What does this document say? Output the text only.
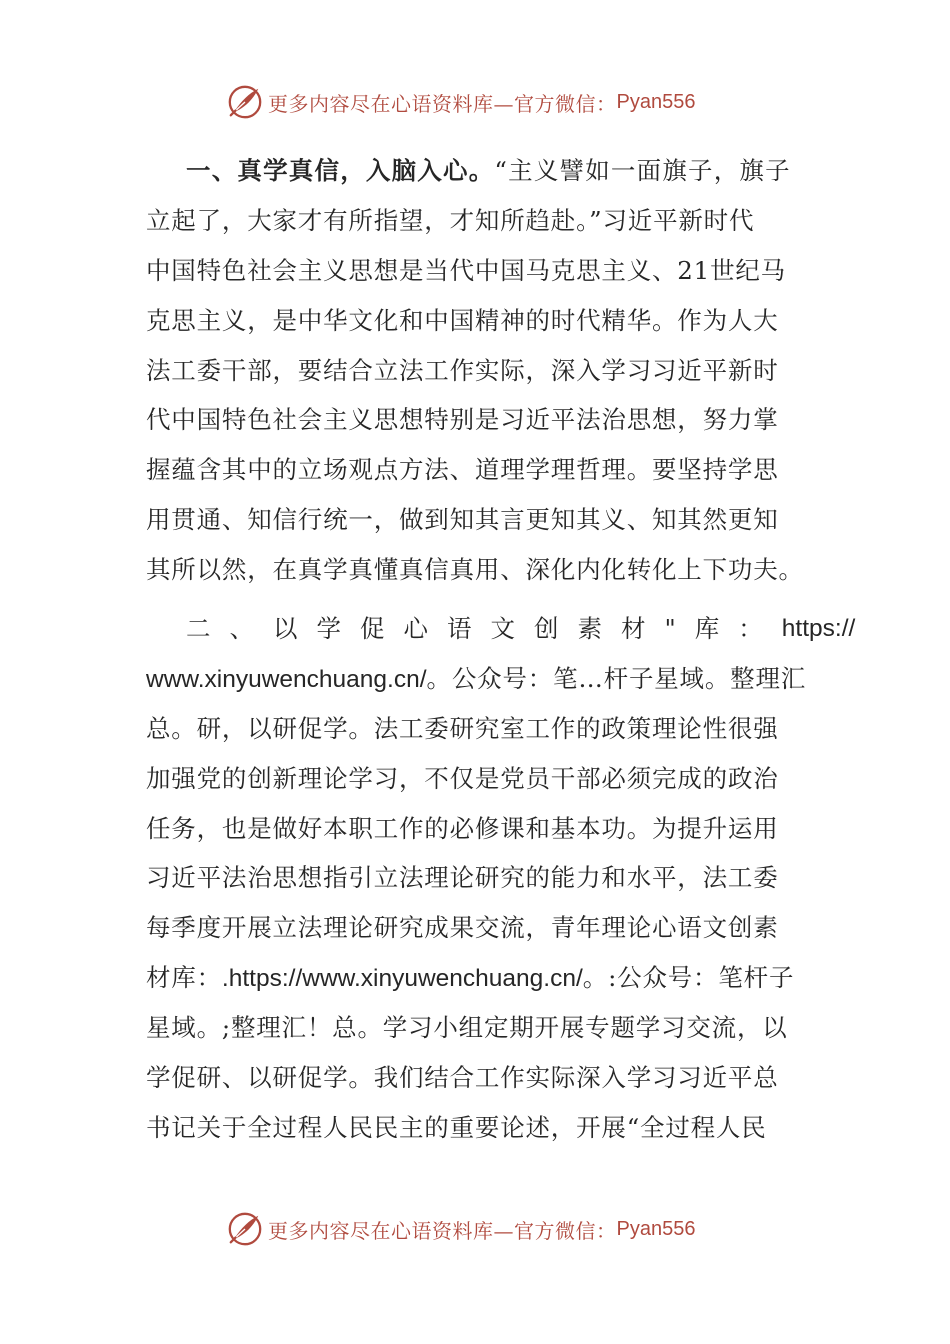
更多内容尽在心语资料库—官方微信： Pyan556
一、真学真信，入脑入心。“主义譬如一面旗子，旗子
立起了，大家才有所指望，才知所趋赴。”习近平新时代
中国特色社会主义思想是当代中国马克思主义、21世纪马
克思主义，是中华文化和中国精神的时代精华。作为人大
法工委干部，要结合立法工作实际，深入学习习近平新时
代中国特色社会主义思想特别是习近平法治思想，努力掌
握蕴含其中的立场观点方法、道理学理哲理。要坚持学思
用贯通、知信行统一，做到知其言更知其义、知其然更知
其所以然，在真学真懂真信真用、深化内化转化上下功夫。
二、以学促心语文创素材"库： https://
www.xinyuwenchuang.cn/。公众号：笔…杆子星域。整理汇
总。研，以研促学。法工委研究室工作的政策理论性很强
加强党的创新理论学习，不仅是党员干部必须完成的政治
任务，也是做好本职工作的必修课和基本功。为提升运用
习近平法治思想指引立法理论研究的能力和水平，法工委
每季度开展立法理论研究成果交流，青年理论心语文创素
材库：.https://www.xinyuwenchuang.cn/。:公众号：笔杆子
星域。;整理汇！总。学习小组定期开展专题学习交流，以
学促研、以研促学。我们结合工作实际深入学习习近平总
书记关于全过程人民民主的重要论述，开展“全过程人民
更多内容尽在心语资料库—官方微信： Pyan556
